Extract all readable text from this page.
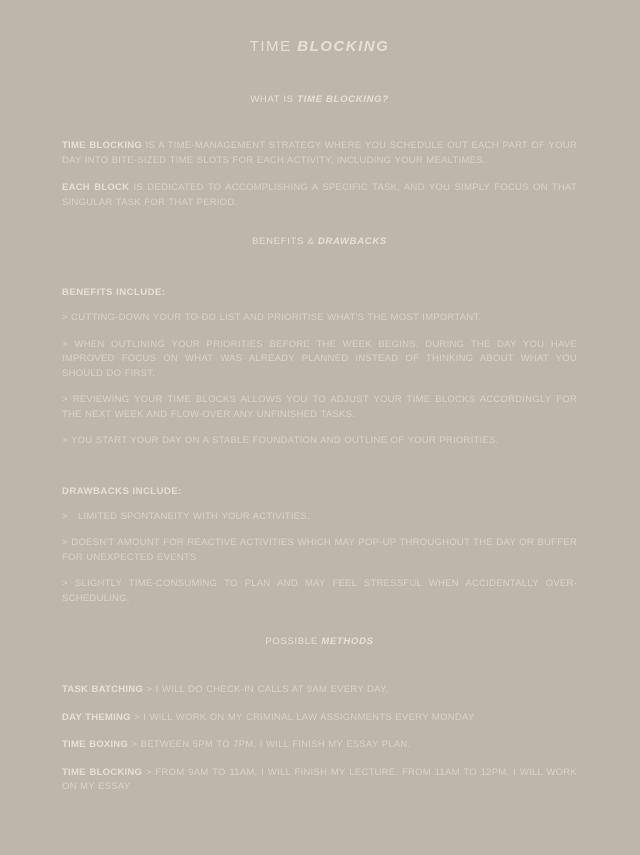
TIME BLOCKING
WHAT IS TIME BLOCKING?

TIME BLOCKING IS A TIME-MANAGEMENT STRATEGY WHERE YOU SCHEDULE OUT EACH PART OF YOUR DAY INTO BITE-SIZED TIME SLOTS FOR EACH ACTIVITY, INCLUDING YOUR MEALTIMES.

EACH BLOCK IS DEDICATED TO ACCOMPLISHING A SPECIFIC TASK, AND YOU SIMPLY FOCUS ON THAT SINGULAR TASK FOR THAT PERIOD.

BENEFITS & DRAWBACKS

BENEFITS INCLUDE:

> CUTTING-DOWN YOUR TO-DO LIST AND PRIORITISE WHAT'S THE MOST IMPORTANT.

> WHEN OUTLINING YOUR PRIORITIES BEFORE THE WEEK BEGINS. DURING THE DAY YOU HAVE IMPROVED FOCUS ON WHAT WAS ALREADY PLANNED INSTEAD OF THINKING ABOUT WHAT YOU SHOULD DO FIRST.

> REVIEWING YOUR TIME BLOCKS ALLOWS YOU TO ADJUST YOUR TIME BLOCKS ACCORDINGLY FOR THE NEXT WEEK AND FLOW-OVER ANY UNFINISHED TASKS.

> YOU START YOUR DAY ON A STABLE FOUNDATION AND OUTLINE OF YOUR PRIORITIES.

DRAWBACKS INCLUDE:

>   LIMITED SPONTANEITY WITH YOUR ACTIVITIES.

> DOESN'T AMOUNT FOR REACTIVE ACTIVITIES WHICH MAY POP-UP THROUGHOUT THE DAY OR BUFFER FOR UNEXPECTED EVENTS

> SLIGHTLY TIME-CONSUMING TO PLAN AND MAY FEEL STRESSFUL WHEN ACCIDENTALLY OVER-SCHEDULING.

POSSIBLE METHODS

TASK BATCHING > I WILL DO CHECK-IN CALLS AT 9AM EVERY DAY.

DAY THEMING > I WILL WORK ON MY CRIMINAL LAW ASSIGNMENTS EVERY MONDAY

TIME BOXING > BETWEEN 5PM TO 7PM, I WILL FINISH MY ESSAY PLAN.

TIME BLOCKING > FROM 9AM TO 11AM, I WILL FINISH MY LECTURE. FROM 11AM TO 12PM, I WILL WORK ON MY ESSAY
